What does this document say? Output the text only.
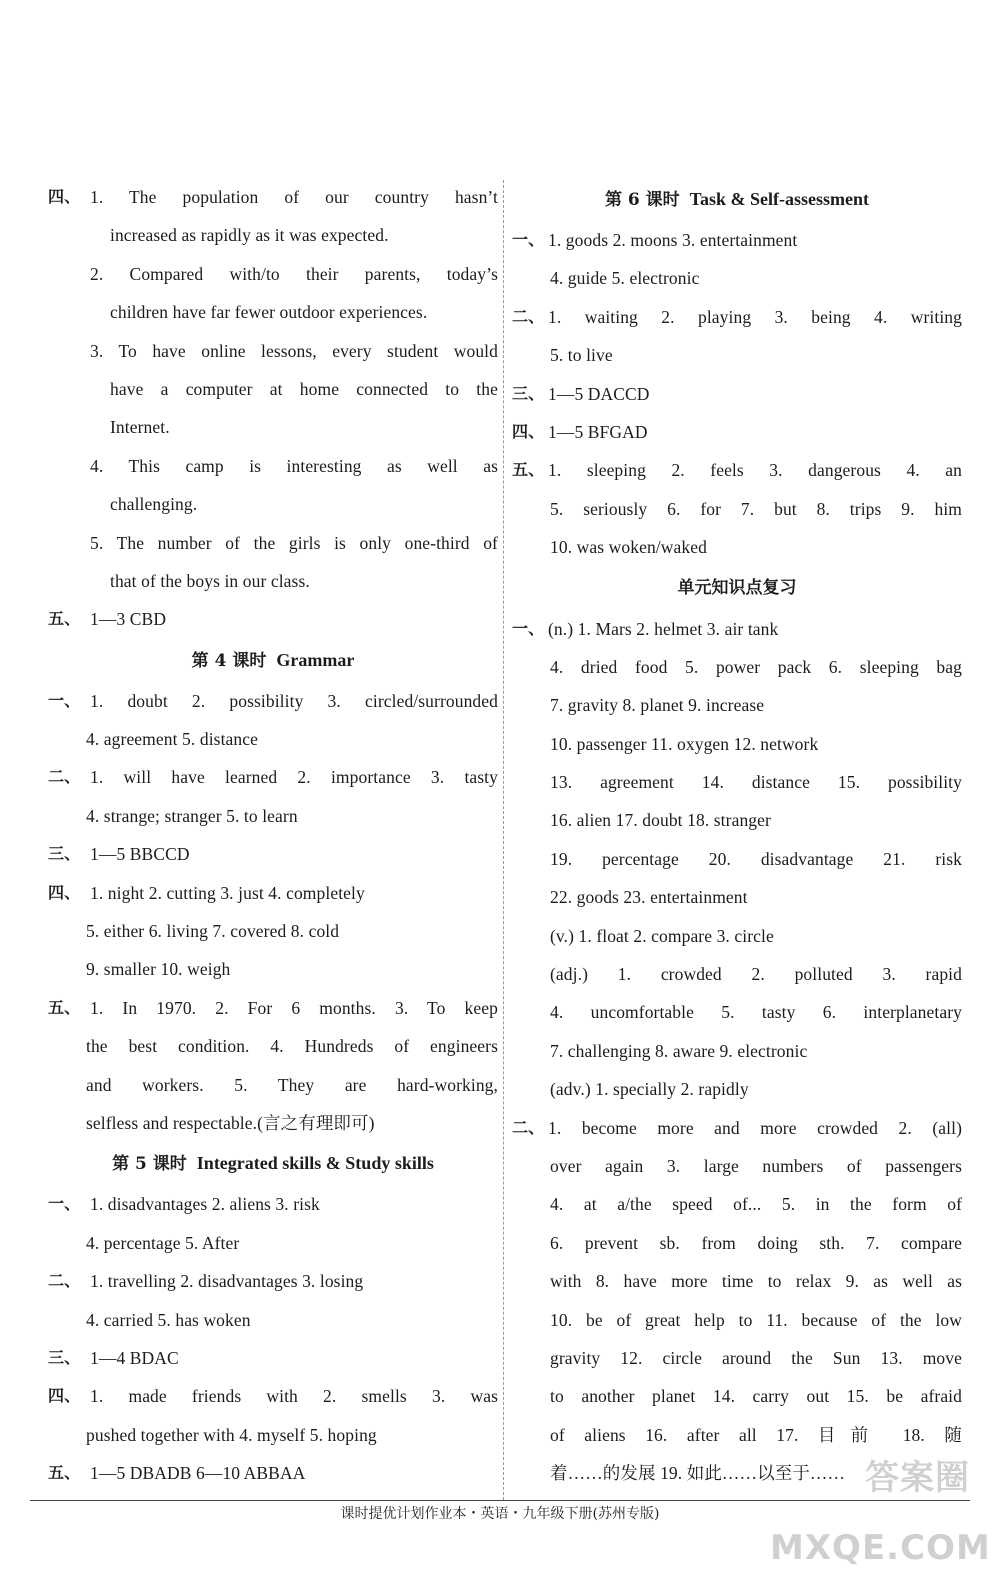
四、 1. The population of our country hasn’t
increased as rapidly as it was expected.
2. Compared with/to their parents, today’s
children have far fewer outdoor experiences.
3. To have online lessons, every student would
have a computer at home connected to the
Internet.
4. This camp is interesting as well as
challenging.
5. The number of the girls is only one-third of
that of the boys in our class.
五、 1—3 CBD
第 4 课时 Grammar
一、 1. doubt 2. possibility 3. circled/surrounded
4. agreement 5. distance
二、 1. will have learned 2. importance 3. tasty
4. strange; stranger 5. to learn
三、 1—5 BBCCD
四、 1. night 2. cutting 3. just 4. completely
5. either 6. living 7. covered 8. cold
9. smaller 10. weigh
五、 1. In 1970. 2. For 6 months. 3. To keep
the best condition. 4. Hundreds of engineers
and workers. 5. They are hard-working,
selfless and respectable.(言之有理即可)
第 5 课时 Integrated skills & Study skills
一、 1. disadvantages 2. aliens 3. risk
4. percentage 5. After
二、 1. travelling 2. disadvantages 3. losing
4. carried 5. has woken
三、 1—4 BDAC
四、 1. made friends with 2. smells 3. was
pushed together with 4. myself 5. hoping
五、 1—5 DBADB 6—10 ABBAA
第 6 课时 Task & Self-assessment
一、 1. goods 2. moons 3. entertainment
4. guide 5. electronic
二、 1. waiting 2. playing 3. being 4. writing
5. to live
三、 1—5 DACCD
四、 1—5 BFGAD
五、 1. sleeping 2. feels 3. dangerous 4. an
5. seriously 6. for 7. but 8. trips 9. him
10. was woken/waked
单元知识点复习
一、 (n.) 1. Mars 2. helmet 3. air tank
4. dried food 5. power pack 6. sleeping bag
7. gravity 8. planet 9. increase
10. passenger 11. oxygen 12. network
13. agreement 14. distance 15. possibility
16. alien 17. doubt 18. stranger
19. percentage 20. disadvantage 21. risk
22. goods 23. entertainment
(v.) 1. float 2. compare 3. circle
(adj.) 1. crowded 2. polluted 3. rapid
4. uncomfortable 5. tasty 6. interplanetary
7. challenging 8. aware 9. electronic
(adv.) 1. specially 2. rapidly
二、 1. become more and more crowded 2. (all)
over again 3. large numbers of passengers
4. at a/the speed of... 5. in the form of
6. prevent sb. from doing sth. 7. compare
with 8. have more time to relax 9. as well as
10. be of great help to 11. because of the low
gravity 12. circle around the Sun 13. move
to another planet 14. carry out 15. be afraid
of aliens 16. after all 17. 目前 18. 随
着……的发展 19. 如此……以至于……
课时提优计划作业本・英语・九年级下册(苏州专版)
答案圈 MXQE.COM
